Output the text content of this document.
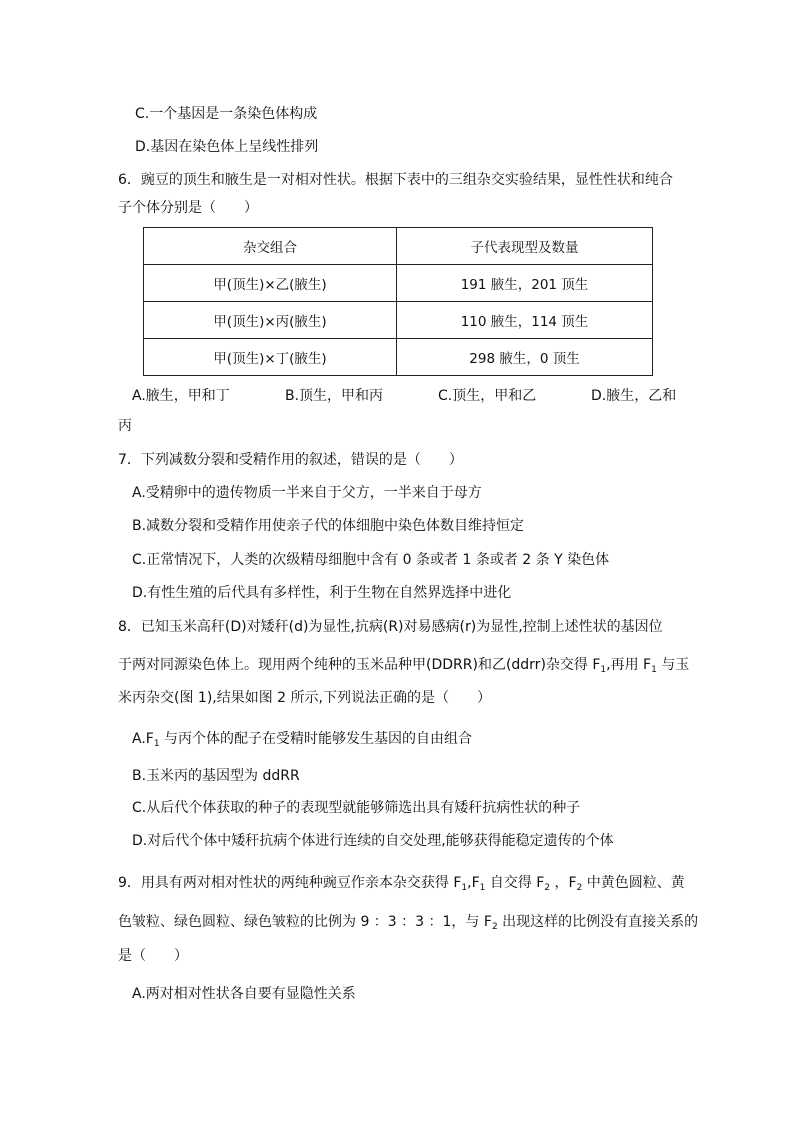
C.一个基因是一条染色体构成
D.基因在染色体上呈线性排列
6．豌豆的顶生和腋生是一对相对性状。根据下表中的三组杂交实验结果，显性性状和纯合
子个体分别是（　　）
杂交组合	子代表现型及数量
甲(顶生)×乙(腋生)	191 腋生，201 顶生
甲(顶生)×丙(腋生)	110 腋生，114 顶生
甲(顶生)×丁(腋生)	298 腋生，0 顶生
A.腋生，甲和丁	B.顶生，甲和丙	C.顶生，甲和乙	D.腋生，乙和
丙
7．下列减数分裂和受精作用的叙述，错误的是（　　）
A.受精卵中的遗传物质一半来自于父方，一半来自于母方
B.减数分裂和受精作用使亲子代的体细胞中染色体数目维持恒定
C.正常情况下，人类的次级精母细胞中含有 0 条或者 1 条或者 2 条 Y 染色体
D.有性生殖的后代具有多样性，利于生物在自然界选择中进化
8．已知玉米高秆(D)对矮秆(d)为显性,抗病(R)对易感病(r)为显性,控制上述性状的基因位
于两对同源染色体上。现用两个纯种的玉米品种甲(DDRR)和乙(ddrr)杂交得 $F_1$,再用 $F_1$ 与玉
米丙杂交(图 1),结果如图 2 所示,下列说法正确的是（　　）
$A.F_1$ 与丙个体的配子在受精时能够发生基因的自由组合
B.玉米丙的基因型为 ddRR
C.从后代个体获取的种子的表现型就能够筛选出具有矮秆抗病性状的种子
D.对后代个体中矮秆抗病个体进行连续的自交处理,能够获得能稳定遗传的个体
9．用具有两对相对性状的两纯种豌豆作亲本杂交获得 $F_1,F_1$ 自交得 $F_2$ ，$F_2$ 中黄色圆粒、黄
色皱粒、绿色圆粒、绿色皱粒的比例为 9 ：3 ：3 ：1，与 $F_2$ 出现这样的比例没有直接关系的
是（　　）
A.两对相对性状各自要有显隐性关系
